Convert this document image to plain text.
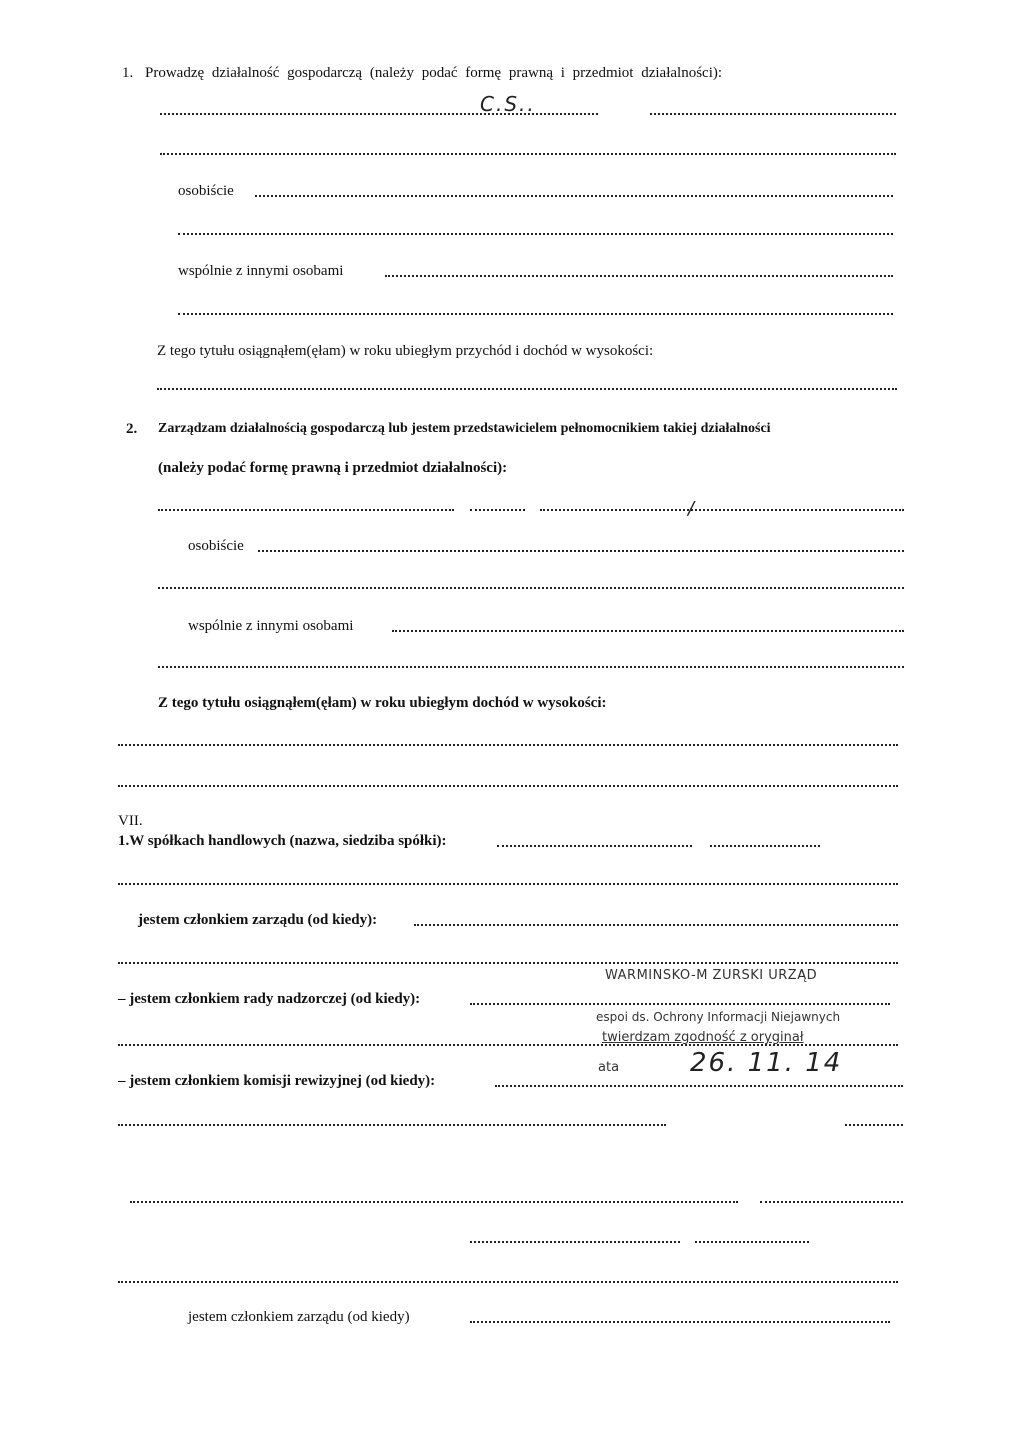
1. Prowadzę działalność gospodarczą (należy podać formę prawną i przedmiot działalności):
C.S..
osobiście
wspólnie z innymi osobami
Z tego tytułu osiągnąłem(ęłam) w roku ubiegłym przychód i dochód w wysokości:
2. Zarządzam działalnością gospodarczą lub jestem przedstawicielem pełnomocnikiem takiej działalności
(należy podać formę prawną i przedmiot działalności):
/
osobiście
wspólnie z innymi osobami
Z tego tytułu osiągnąłem(ęłam) w roku ubiegłym dochód w wysokości:
VII.
1.W spółkach handlowych (nazwa, siedziba spółki):
jestem członkiem zarządu (od kiedy):
– jestem członkiem rady nadzorczej (od kiedy):
– jestem członkiem komisji rewizyjnej (od kiedy):
jestem członkiem zarządu (od kiedy)
WARMINSKO-M ZURSKI URZĄD
espoi ds. Ochrony Informacji Niejawnych
twierdzam zgodność z oryginał
ata	26. 11. 14
